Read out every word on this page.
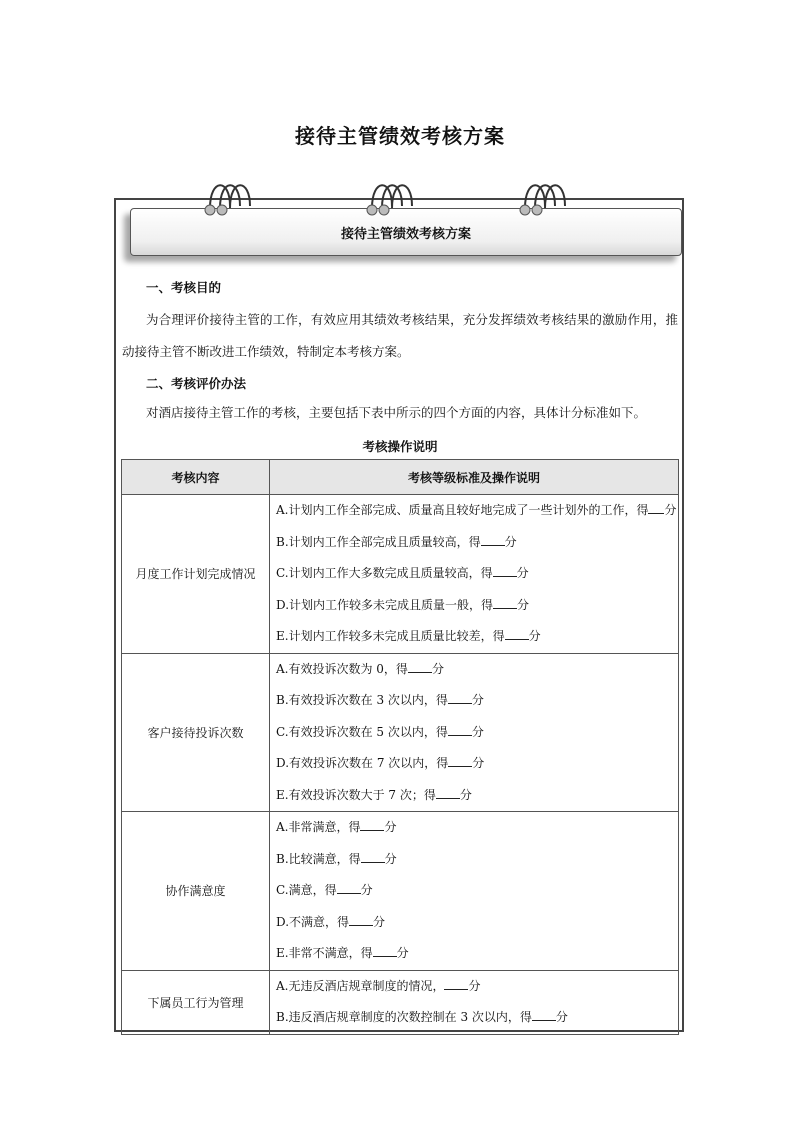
接待主管绩效考核方案
接待主管绩效考核方案
一、考核目的
为合理评价接待主管的工作，有效应用其绩效考核结果，充分发挥绩效考核结果的激励作用，推动接待主管不断改进工作绩效，特制定本考核方案。
二、考核评价办法
对酒店接待主管工作的考核，主要包括下表中所示的四个方面的内容，具体计分标准如下。
考核操作说明
考核内容	考核等级标准及操作说明
月度工作计划完成情况	A.计划内工作全部完成、质量高且较好地完成了一些计划外的工作，得 分
B.计划内工作全部完成且质量较高，得 分
C.计划内工作大多数完成且质量较高，得 分
D.计划内工作较多未完成且质量一般，得 分
E.计划内工作较多未完成且质量比较差，得 分

客户接待投诉次数	A.有效投诉次数为 0，得 分
B.有效投诉次数在 3 次以内，得 分
C.有效投诉次数在 5 次以内，得 分
D.有效投诉次数在 7 次以内，得 分
E.有效投诉次数大于 7 次；得 分

协作满意度	A.非常满意，得 分
B.比较满意，得 分
C.满意，得 分
D.不满意，得 分
E.非常不满意，得 分

下属员工行为管理	A.无违反酒店规章制度的情况， 分
B.违反酒店规章制度的次数控制在 3 次以内，得 分
